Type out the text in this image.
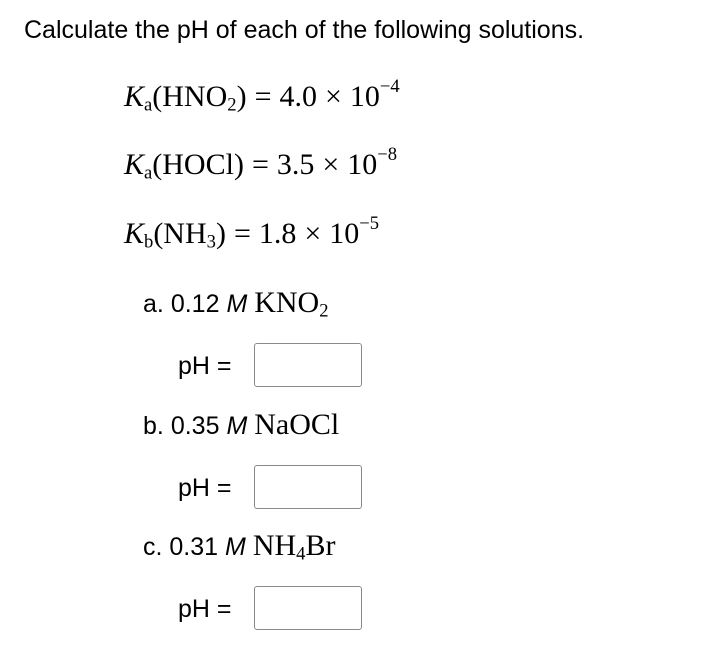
Calculate the pH of each of the following solutions.
$K_a(HNO_2) = 4.0 \times 10^{-4}$
$K_a(HOCl) = 3.5 \times 10^{-8}$
$K_b(NH_3) = 1.8 \times 10^{-5}$
a. 0.12 M $KNO_2$
pH =
b. 0.35 M NaOCl
pH =
c. 0.31 M $NH_4Br$
pH =
